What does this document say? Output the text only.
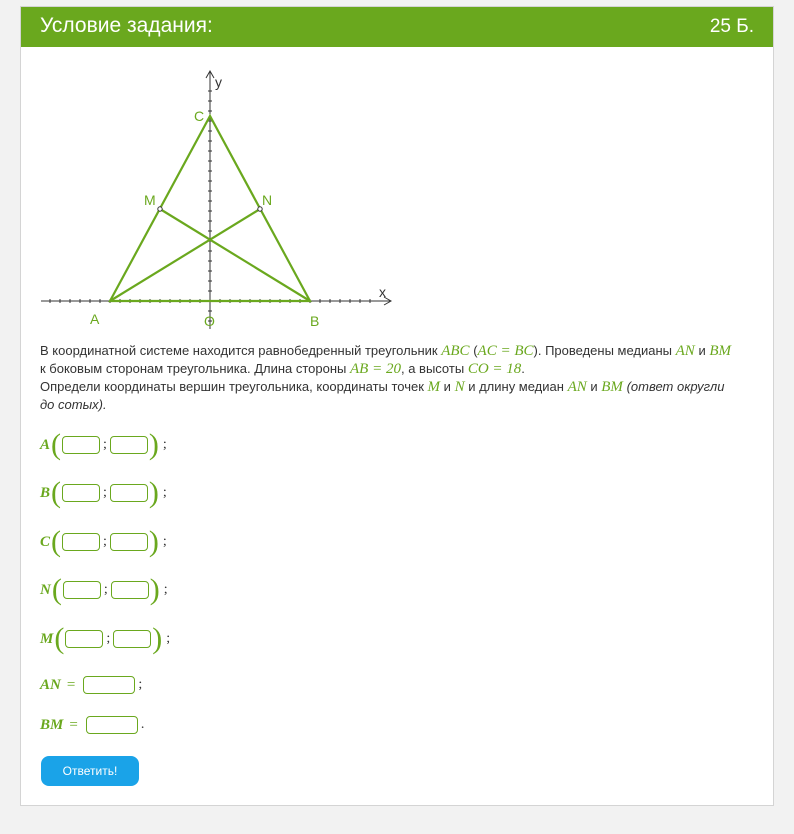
Условие задания:	25 Б.
y
x
C
M	N
A	O	B
В координатной системе находится равнобедренный треугольник ABC (AC = BC). Проведены медианы AN и BM к боковым сторонам треугольника. Длина стороны AB = 20, а высоты CO = 18.
Определи координаты вершин треугольника, координаты точек M и N и длину медиан AN и BM (ответ округли до сотых).
A (	; ) ;
B (	; ) ;
C (	; ) ;
N (	; ) ;
M (	; ) ;
AN =	;
BM =	.
Ответить!
